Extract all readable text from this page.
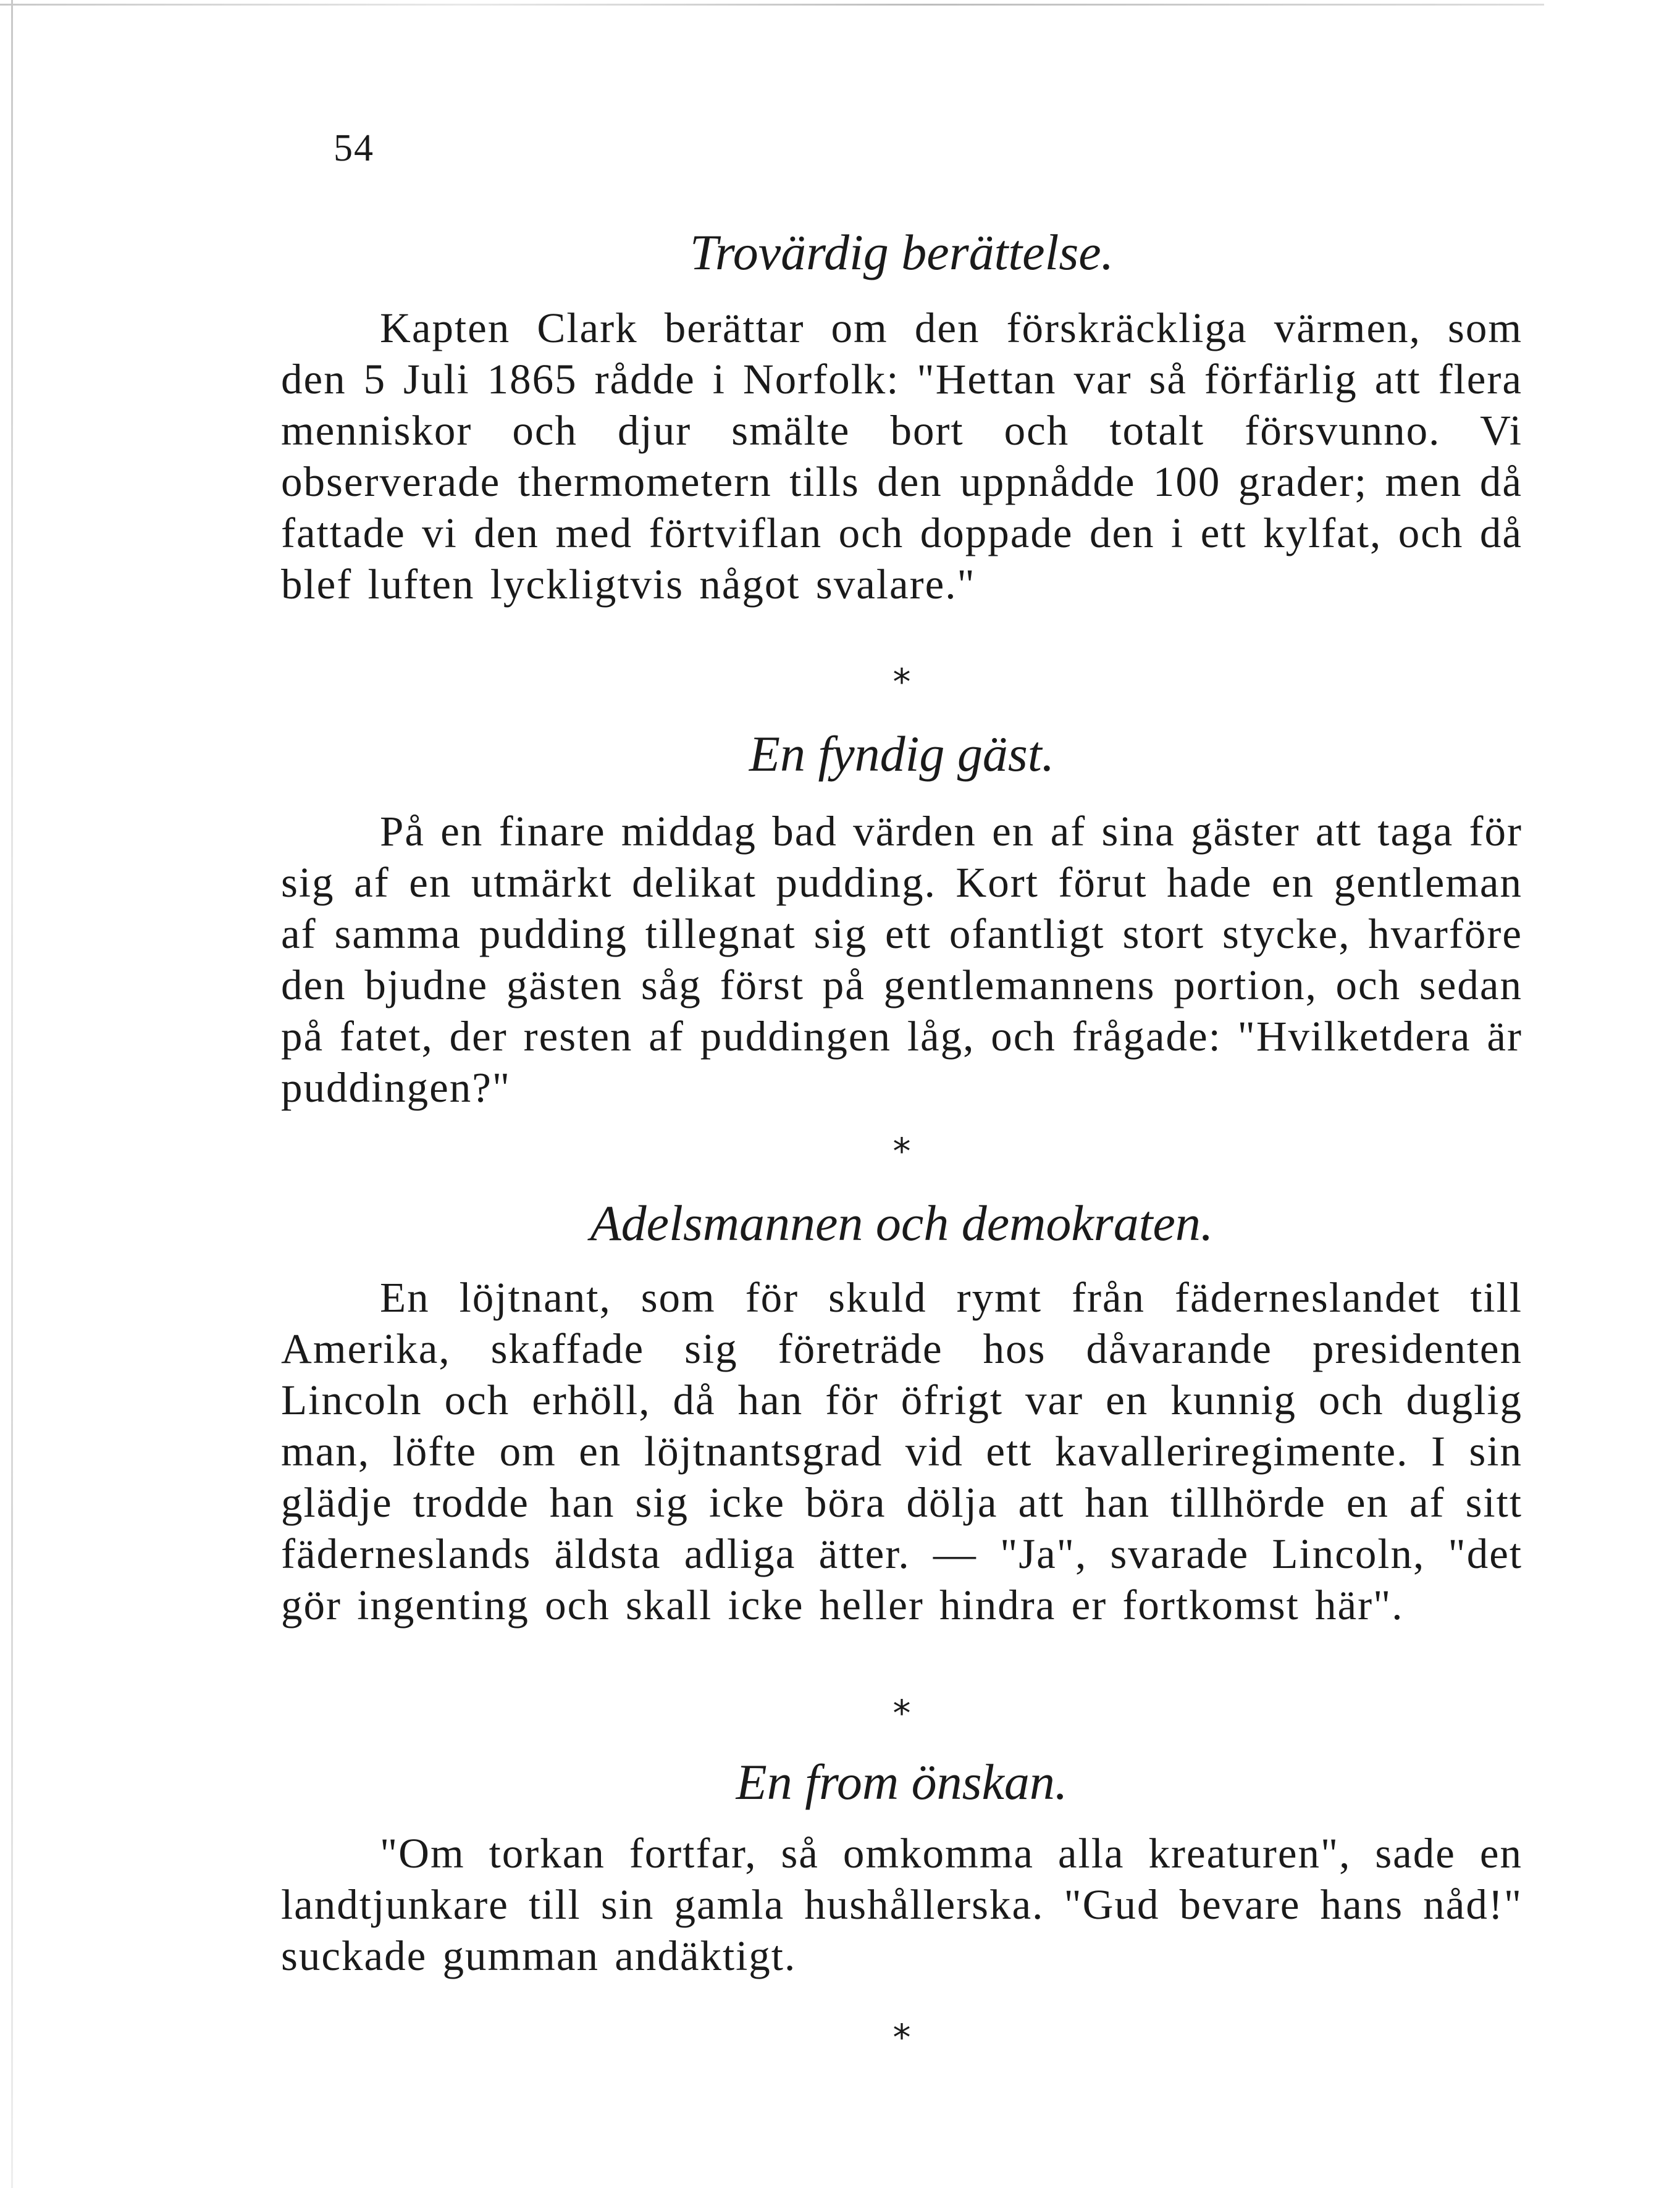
54
Trovärdig berättelse.

Kapten Clark berättar om den förskräckliga värmen, som den 5 Juli 1865 rådde i Norfolk: "Hettan var så förfärlig att flera menniskor och djur smälte bort och totalt försvunno. Vi observerade thermometern tills den uppnådde 100 grader; men då fattade vi den med förtviflan och doppade den i ett kylfat, och då blef luften lyckligtvis något svalare."

*
En fyndig gäst.

På en finare middag bad värden en af sina gäster att taga för sig af en utmärkt delikat pudding. Kort förut hade en gentleman af samma pudding tillegnat sig ett ofantligt stort stycke, hvarföre den bjudne gästen såg först på gentlemannens portion, och sedan på fatet, der resten af puddingen låg, och frågade: "Hvilketdera är puddingen?"

*
Adelsmannen och demokraten.

En löjtnant, som för skuld rymt från fäderneslandet till Amerika, skaffade sig företräde hos dåvarande presidenten Lincoln och erhöll, då han för öfrigt var en kunnig och duglig man, löfte om en löjtnantsgrad vid ett kavalleriregimente. I sin glädje trodde han sig icke böra dölja att han tillhörde en af sitt fäderneslands äldsta adliga ätter. — "Ja", svarade Lincoln, "det gör ingenting och skall icke heller hindra er fortkomst här".

*
En from önskan.

"Om torkan fortfar, så omkomma alla kreaturen", sade en landtjunkare till sin gamla hushållerska. "Gud bevare hans nåd!" suckade gumman andäktigt.

*
